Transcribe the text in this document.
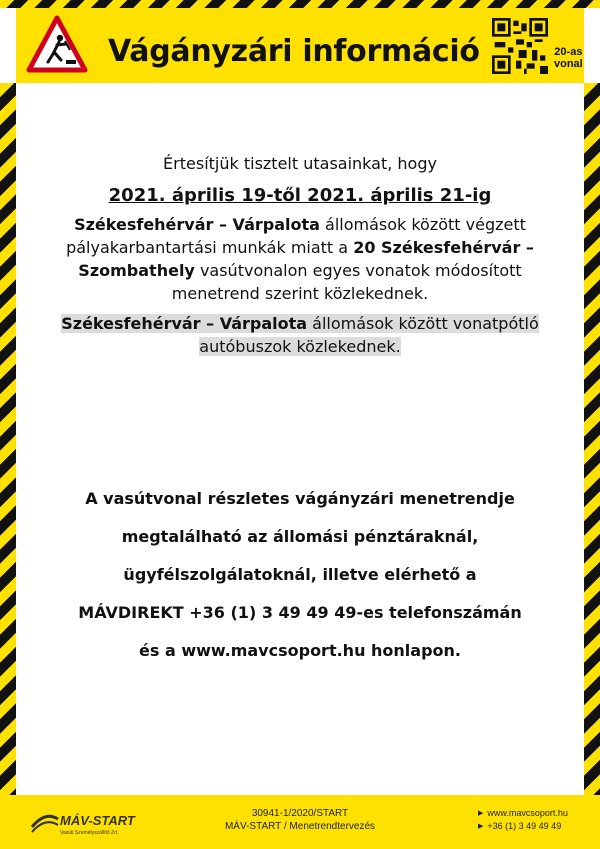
Vágányzári információ	20-as
vonal
Értesítjük tisztelt utasainkat, hogy
2021. április 19-től 2021. április 21-ig
Székesfehérvár – Várpalota állomások között végzett pályakarbantartási munkák miatt a 20 Székesfehérvár – Szombathely vasútvonalon egyes vonatok módosított menetrend szerint közlekednek.
Székesfehérvár – Várpalota állomások között vonatpótló autóbuszok közlekednek.
A vasútvonal részletes vágányzári menetrendje
megtalálható az állomási pénztáraknál,
ügyfélszolgálatoknál, illetve elérhető a
MÁVDIREKT +36 (1) 3 49 49 49-es telefonszámán
és a www.mavcsoport.hu honlapon.
MÁV-START
Vasúti Személyszállító Zrt.
30941-1/2020/START
MÁV-START / Menetrendtervezés
▶ www.mavcsoport.hu
▶ +36 (1) 3 49 49 49
